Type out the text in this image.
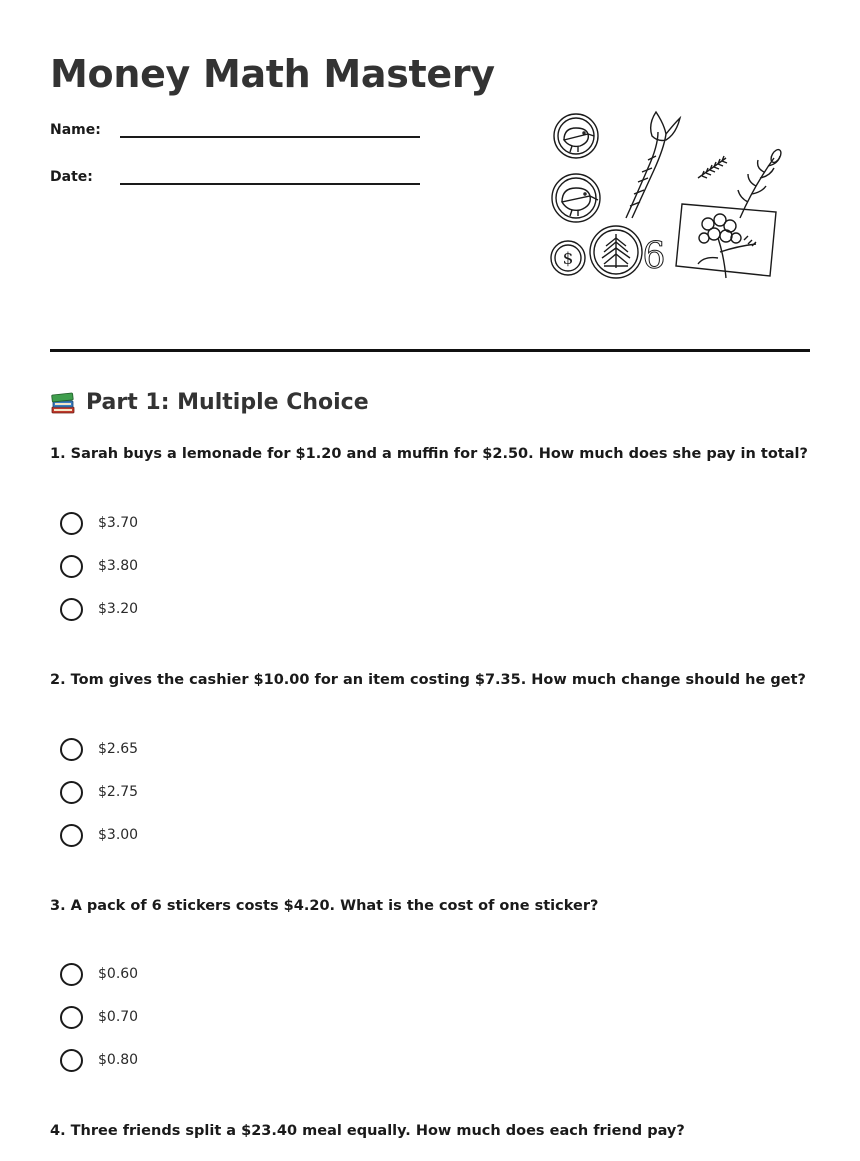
Money Math Mastery
Name:
Date:
$ 6
Part 1: Multiple Choice
1. Sarah buys a lemonade for $1.20 and a muffin for $2.50. How much does she pay in total?
$3.70
$3.80
$3.20
2. Tom gives the cashier $10.00 for an item costing $7.35. How much change should he get?
$2.65
$2.75
$3.00
3. A pack of 6 stickers costs $4.20. What is the cost of one sticker?
$0.60
$0.70
$0.80
4. Three friends split a $23.40 meal equally. How much does each friend pay?
